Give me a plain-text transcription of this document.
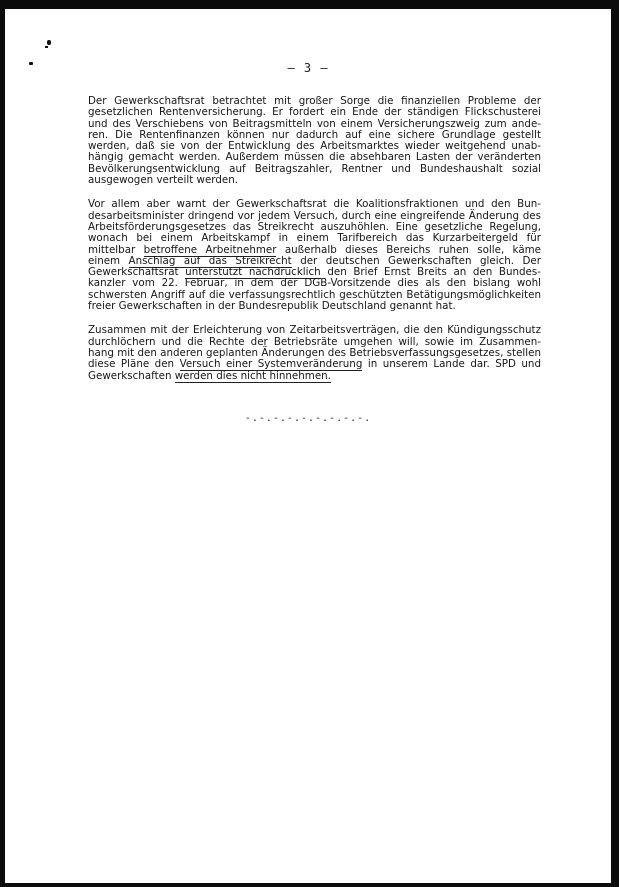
– 3 –
Der Gewerkschaftsrat betrachtet mit großer Sorge die finanziellen Probleme der
gesetzlichen Rentenversicherung. Er fordert ein Ende der ständigen Flickschusterei
und des Verschiebens von Beitragsmitteln von einem Versicherungszweig zum ande-
ren. Die Rentenfinanzen können nur dadurch auf eine sichere Grundlage gestellt
werden, daß sie von der Entwicklung des Arbeitsmarktes wieder weitgehend unab-
hängig gemacht werden. Außerdem müssen die absehbaren Lasten der veränderten
Bevölkerungsentwicklung auf Beitragszahler, Rentner und Bundeshaushalt sozial
ausgewogen verteilt werden.
Vor allem aber warnt der Gewerkschaftsrat die Koalitionsfraktionen und den Bun-
desarbeitsminister dringend vor jedem Versuch, durch eine eingreifende Änderung des
Arbeitsförderungsgesetzes das Streikrecht auszuhöhlen. Eine gesetzliche Regelung,
wonach bei einem Arbeitskampf in einem Tarifbereich das Kurzarbeitergeld für
mittelbar betroffene Arbeitnehmer außerhalb dieses Bereichs ruhen solle, käme
einem Anschlag auf das Streikrecht der deutschen Gewerkschaften gleich. Der
Gewerkschaftsrat unterstützt nachdrücklich den Brief Ernst Breits an den Bundes-
kanzler vom 22. Februar, in dem der DGB-Vorsitzende dies als den bislang wohl
schwersten Angriff auf die verfassungsrechtlich geschützten Betätigungsmöglichkeiten
freier Gewerkschaften in der Bundesrepublik Deutschland genannt hat.
Zusammen mit der Erleichterung von Zeitarbeitsverträgen, die den Kündigungsschutz
durchlöchern und die Rechte der Betriebsräte umgehen will, sowie im Zusammen-
hang mit den anderen geplanten Änderungen des Betriebsverfassungsgesetzes, stellen
diese Pläne den Versuch einer Systemveränderung in unserem Lande dar. SPD und
Gewerkschaften werden dies nicht hinnehmen.
-.-.-.-.-.-.-.-.-.
